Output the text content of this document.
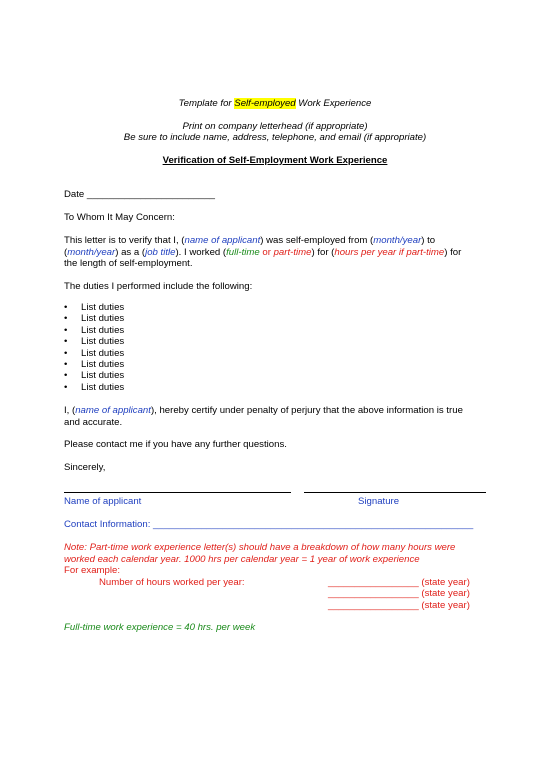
Template for Self-employed Work Experience
Print on company letterhead (if appropriate)
Be sure to include name, address, telephone, and email (if appropriate)
Verification of Self-Employment Work Experience
Date ________________________
To Whom It May Concern:
This letter is to verify that I, (name of applicant) was self-employed from (month/year) to
(month/year) as a (job title). I worked (full-time or part-time) for (hours per year if part-time) for
the length of self-employment.
The duties I performed include the following:
• List duties
• List duties
• List duties
• List duties
• List duties
• List duties
• List duties
• List duties
I, (name of applicant), hereby certify under penalty of perjury that the above information is true
and accurate.
Please contact me if you have any further questions.
Sincerely,
Name of applicant	Signature
Contact Information: ____________________________________________________________
Note: Part-time work experience letter(s) should have a breakdown of how many hours were
worked each calendar year. 1000 hrs per calendar year = 1 year of work experience
For example:
Number of hours worked per year:	_________________ (state year)
_________________ (state year)
_________________ (state year)
Full-time work experience = 40 hrs. per week
